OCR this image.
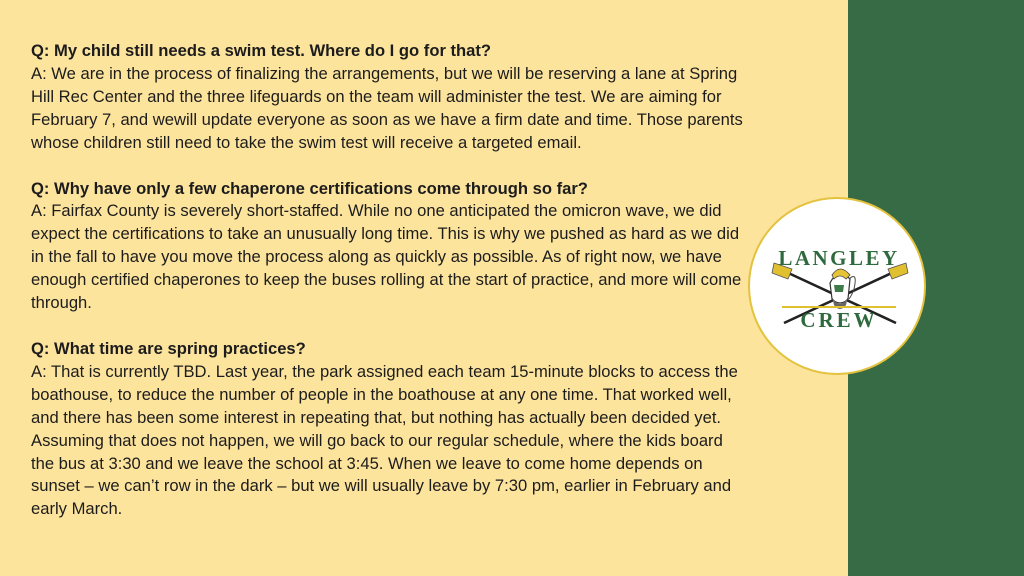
Q: My child still needs a swim test. Where do I go for that?
A: We are in the process of finalizing the arrangements, but we will be reserving a lane at Spring Hill Rec Center and the three lifeguards on the team will administer the test. We are aiming for February 7, and wewill update everyone as soon as we have a firm date and time. Those parents whose children still need to take the swim test will receive a targeted email.
Q: Why have only a few chaperone certifications come through so far?
A: Fairfax County is severely short-staffed. While no one anticipated the omicron wave, we did expect the certifications to take an unusually long time. This is why we pushed as hard as we did in the fall to have you move the process along as quickly as possible. As of right now, we have enough certified chaperones to keep the buses rolling at the start of practice, and more will come through.
Q: What time are spring practices?
A: That is currently TBD. Last year, the park assigned each team 15-minute blocks to access the boathouse, to reduce the number of people in the boathouse at any one time. That worked well, and there has been some interest in repeating that, but nothing has actually been decided yet. Assuming that does not happen, we will go back to our regular schedule, where the kids board the bus at 3:30 and we leave the school at 3:45. When we leave to come home depends on sunset – we can’t row in the dark – but we will usually leave by 7:30 pm, earlier in February and early March.
LANGLEY
CREW
